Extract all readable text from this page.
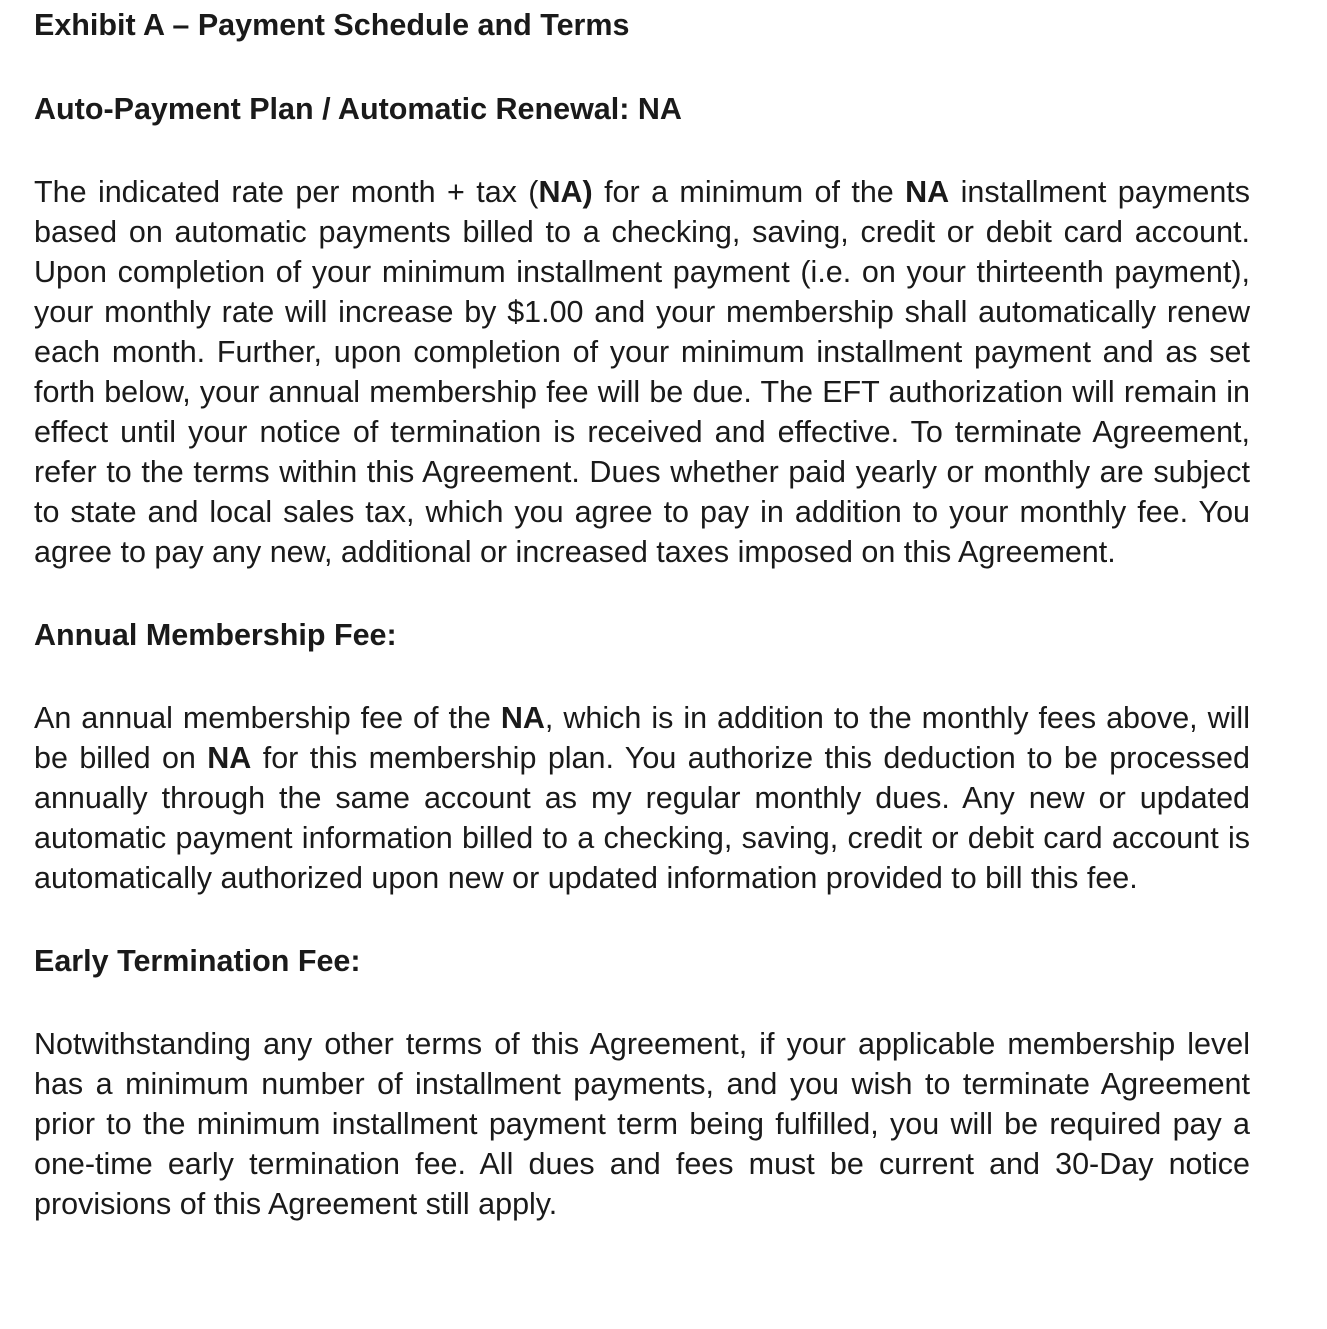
Exhibit A – Payment Schedule and Terms

Auto-Payment Plan / Automatic Renewal: NA

The indicated rate per month + tax (NA) for a minimum of the NA installment payments based on automatic payments billed to a checking, saving, credit or debit card account. Upon completion of your minimum installment payment (i.e. on your thirteenth payment), your monthly rate will increase by $1.00 and your membership shall automatically renew each month. Further, upon completion of your minimum installment payment and as set forth below, your annual membership fee will be due. The EFT authorization will remain in effect until your notice of termination is received and effective. To terminate Agreement, refer to the terms within this Agreement. Dues whether paid yearly or monthly are subject to state and local sales tax, which you agree to pay in addition to your monthly fee. You agree to pay any new, additional or increased taxes imposed on this Agreement.

Annual Membership Fee:

An annual membership fee of the NA, which is in addition to the monthly fees above, will be billed on NA for this membership plan. You authorize this deduction to be processed annually through the same account as my regular monthly dues. Any new or updated automatic payment information billed to a checking, saving, credit or debit card account is automatically authorized upon new or updated information provided to bill this fee.

Early Termination Fee:

Notwithstanding any other terms of this Agreement, if your applicable membership level has a minimum number of installment payments, and you wish to terminate Agreement prior to the minimum installment payment term being fulfilled, you will be required pay a one-time early termination fee. All dues and fees must be current and 30-Day notice provisions of this Agreement still apply.
